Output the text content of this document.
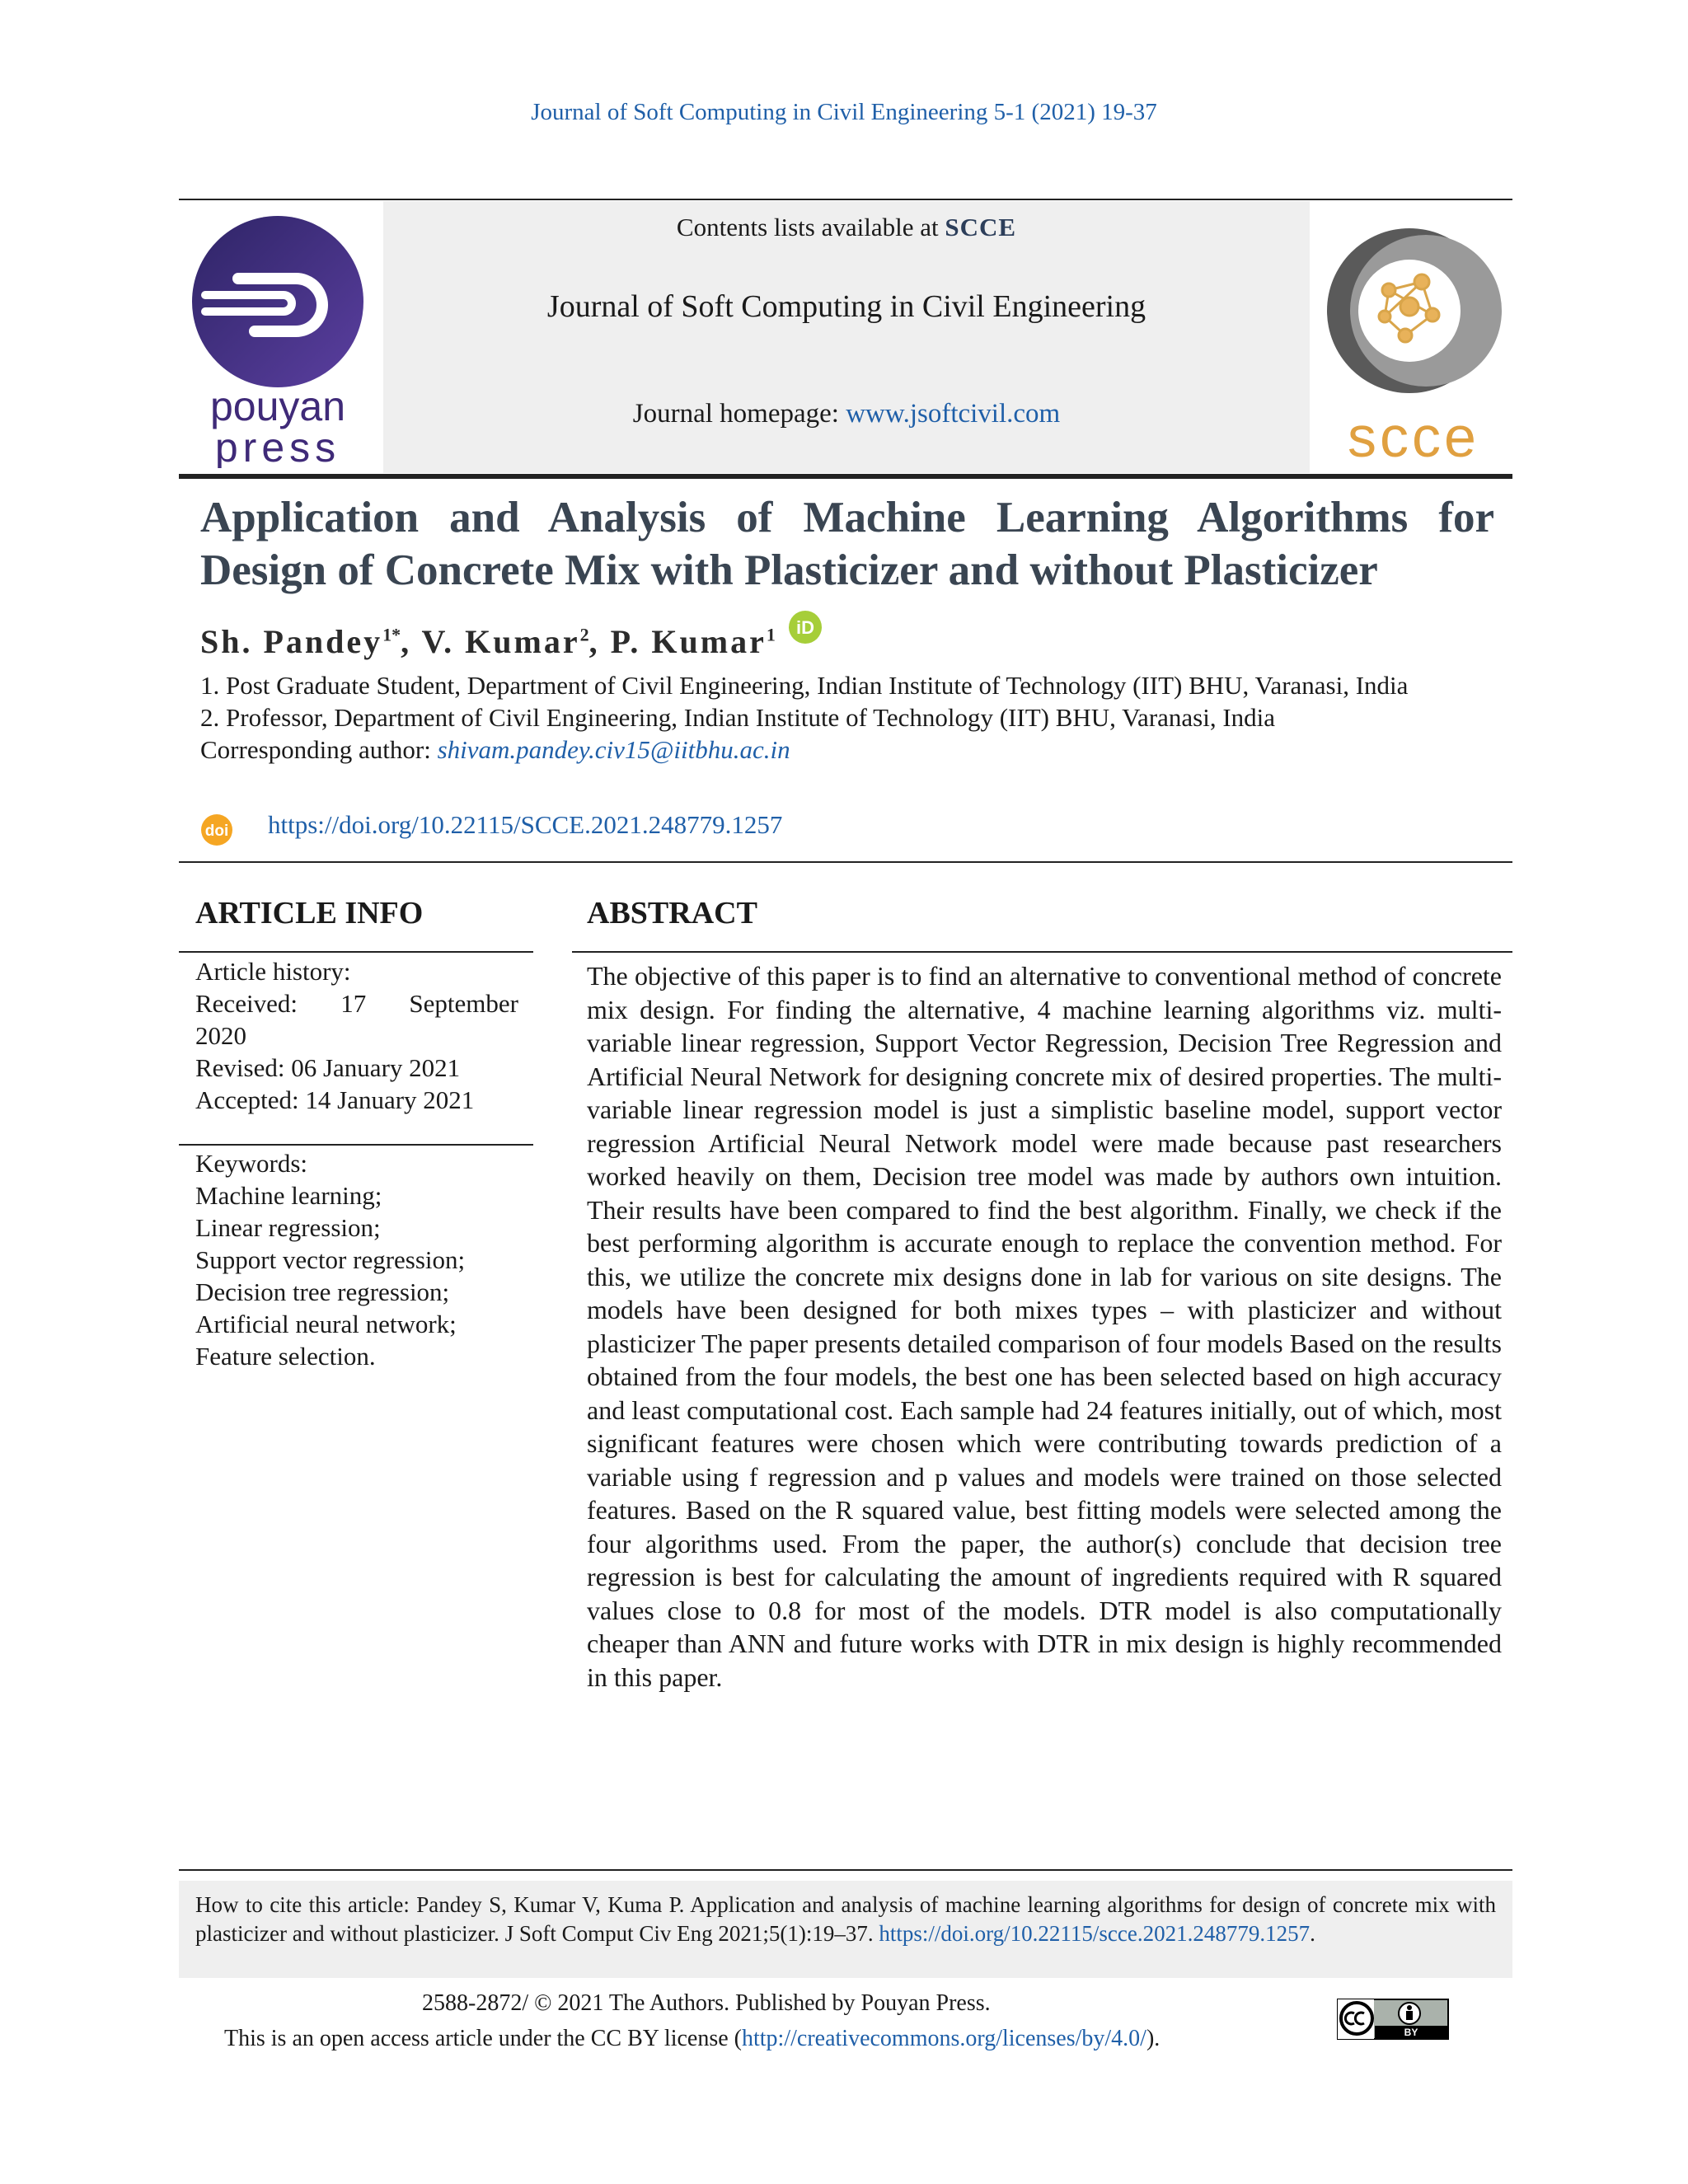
Journal of Soft Computing in Civil Engineering 5-1 (2021) 19-37
pouyan
press
Contents lists available at SCCE
Journal of Soft Computing in Civil Engineering
Journal homepage: www.jsoftcivil.com	scce
Application and Analysis of Machine Learning Algorithms for
Design of Concrete Mix with Plasticizer and without Plasticizer
Sh. Pandey$^{1*}$, V. Kumar$^2$, P. Kumar$^1$ iD
1. Post Graduate Student, Department of Civil Engineering, Indian Institute of Technology (IIT) BHU, Varanasi, India
2. Professor, Department of Civil Engineering, Indian Institute of Technology (IIT) BHU, Varanasi, India
Corresponding author: shivam.pandey.civ15@iitbhu.ac.in
doi https://doi.org/10.22115/SCCE.2021.248779.1257
ARTICLE INFO
Article history:
Received: 17 September
2020
Revised: 06 January 2021
Accepted: 14 January 2021
Keywords:
Machine learning;
Linear regression;
Support vector regression;
Decision tree regression;
Artificial neural network;
Feature selection.
ABSTRACT
The objective of this paper is to find an alternative to conventional method of concrete mix design. For finding the alternative, 4 machine learning algorithms viz. multi-variable linear regression, Support Vector Regression, Decision Tree Regression and Artificial Neural Network for designing concrete mix of desired properties. The multi-variable linear regression model is just a simplistic baseline model, support vector regression Artificial Neural Network model were made because past researchers worked heavily on them, Decision tree model was made by authors own intuition. Their results have been compared to find the best algorithm. Finally, we check if the best performing algorithm is accurate enough to replace the convention method. For this, we utilize the concrete mix designs done in lab for various on site designs. The models have been designed for both mixes types – with plasticizer and without plasticizer The paper presents detailed comparison of four models Based on the results obtained from the four models, the best one has been selected based on high accuracy and least computational cost. Each sample had 24 features initially, out of which, most significant features were chosen which were contributing towards prediction of a variable using f regression and p values and models were trained on those selected features. Based on the R squared value, best fitting models were selected among the four algorithms used. From the paper, the author(s) conclude that decision tree regression is best for calculating the amount of ingredients required with R squared values close to 0.8 for most of the models. DTR model is also computationally cheaper than ANN and future works with DTR in mix design is highly recommended in this paper.
How to cite this article: Pandey S, Kumar V, Kuma P. Application and analysis of machine learning algorithms for design of concrete mix with plasticizer and without plasticizer. J Soft Comput Civ Eng 2021;5(1):19–37. https://doi.org/10.22115/scce.2021.248779.1257.
2588-2872/ © 2021 The Authors. Published by Pouyan Press.
This is an open access article under the CC BY license (http://creativecommons.org/licenses/by/4.0/).	BY
